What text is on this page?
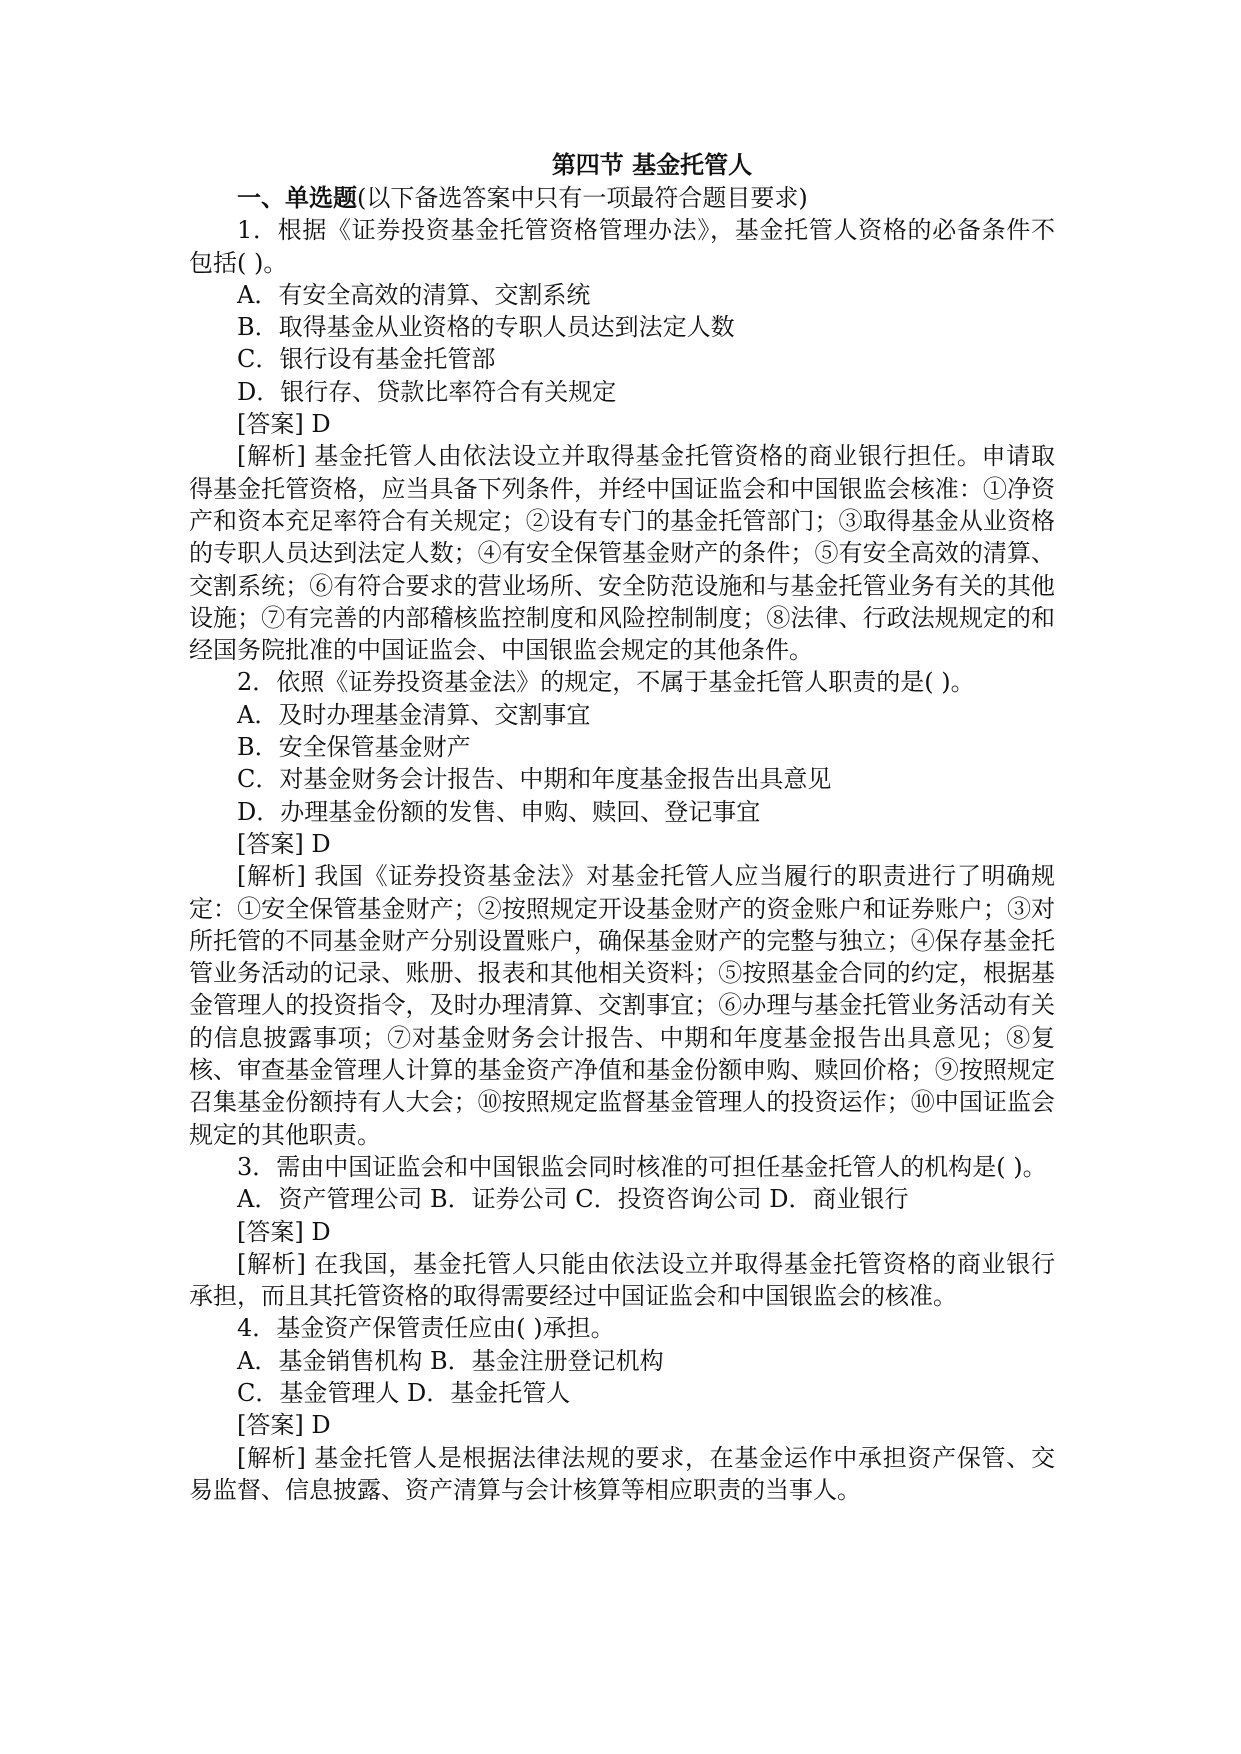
第四节 基金托管人
一、单选题(以下备选答案中只有一项最符合题目要求)
1．根据《证券投资基金托管资格管理办法》，基金托管人资格的必备条件不包括( )。
A．有安全高效的清算、交割系统
B．取得基金从业资格的专职人员达到法定人数
C．银行设有基金托管部
D．银行存、贷款比率符合有关规定
[答案] D
[解析] 基金托管人由依法设立并取得基金托管资格的商业银行担任。申请取得基金托管资格，应当具备下列条件，并经中国证监会和中国银监会核准：①净资产和资本充足率符合有关规定；②设有专门的基金托管部门；③取得基金从业资格的专职人员达到法定人数；④有安全保管基金财产的条件；⑤有安全高效的清算、交割系统；⑥有符合要求的营业场所、安全防范设施和与基金托管业务有关的其他设施；⑦有完善的内部稽核监控制度和风险控制制度；⑧法律、行政法规规定的和经国务院批准的中国证监会、中国银监会规定的其他条件。
2．依照《证券投资基金法》的规定，不属于基金托管人职责的是( )。
A．及时办理基金清算、交割事宜
B．安全保管基金财产
C．对基金财务会计报告、中期和年度基金报告出具意见
D．办理基金份额的发售、申购、赎回、登记事宜
[答案] D
[解析] 我国《证券投资基金法》对基金托管人应当履行的职责进行了明确规定：①安全保管基金财产；②按照规定开设基金财产的资金账户和证券账户；③对所托管的不同基金财产分别设置账户，确保基金财产的完整与独立；④保存基金托管业务活动的记录、账册、报表和其他相关资料；⑤按照基金合同的约定，根据基金管理人的投资指令，及时办理清算、交割事宜；⑥办理与基金托管业务活动有关的信息披露事项；⑦对基金财务会计报告、中期和年度基金报告出具意见；⑧复核、审查基金管理人计算的基金资产净值和基金份额申购、赎回价格；⑨按照规定召集基金份额持有人大会；⑩按照规定监督基金管理人的投资运作；⑩中国证监会规定的其他职责。
3．需由中国证监会和中国银监会同时核准的可担任基金托管人的机构是( )。
A．资产管理公司 B．证券公司 C．投资咨询公司 D．商业银行
[答案] D
[解析] 在我国，基金托管人只能由依法设立并取得基金托管资格的商业银行承担，而且其托管资格的取得需要经过中国证监会和中国银监会的核准。
4．基金资产保管责任应由( )承担。
A．基金销售机构 B．基金注册登记机构
C．基金管理人 D．基金托管人
[答案] D
[解析] 基金托管人是根据法律法规的要求，在基金运作中承担资产保管、交易监督、信息披露、资产清算与会计核算等相应职责的当事人。
